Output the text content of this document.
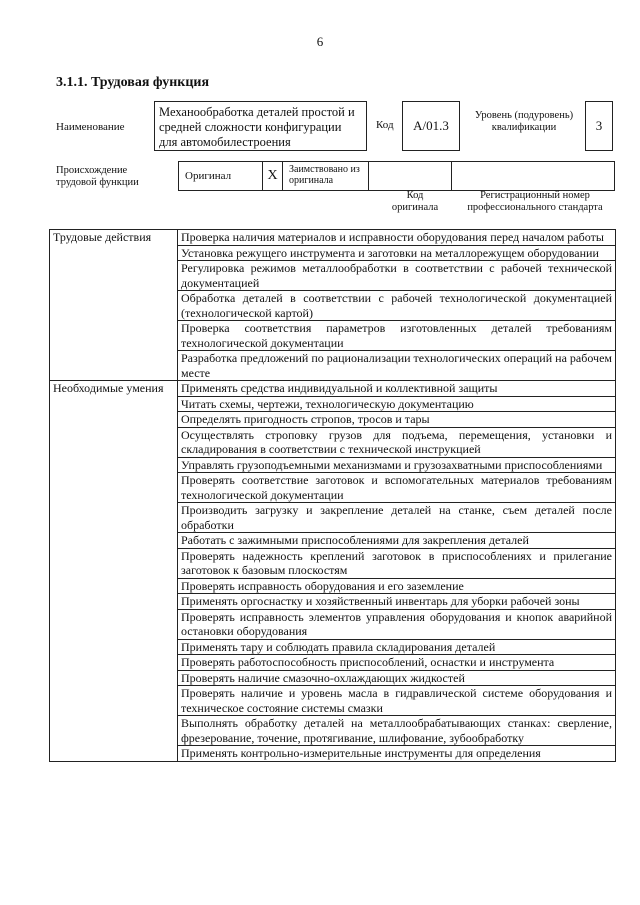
6
3.1.1. Трудовая функция
Наименование
Механообработка деталей простой и средней сложности конфигурации для автомобилестроения
Код	А/01.3
Уровень (подуровень) квалификации	3
Происхождение трудовой функции
Оригинал	X Заимствовано из оригинала
Код оригинала
Регистрационный номер профессионального стандарта
Трудовые действия	Проверка наличия материалов и исправности оборудования перед началом работы
	Установка режущего инструмента и заготовки на металлорежущем оборудовании
	Регулировка режимов металлообработки в соответствии с рабочей технической документацией
	Обработка деталей в соответствии с рабочей технологической документацией (технологической картой)
	Проверка соответствия параметров изготовленных деталей требованиям технологической документации
	Разработка предложений по рационализации технологических операций на рабочем месте
Необходимые умения	Применять средства индивидуальной и коллективной защиты
	Читать схемы, чертежи, технологическую документацию
	Определять пригодность стропов, тросов и тары
	Осуществлять строповку грузов для подъема, перемещения, установки и складирования в соответствии с технической инструкцией
	Управлять грузоподъемными механизмами и грузозахватными приспособлениями
	Проверять соответствие заготовок и вспомогательных материалов требованиям технологической документации
	Производить загрузку и закрепление деталей на станке, съем деталей после обработки
	Работать с зажимными приспособлениями для закрепления деталей
	Проверять надежность креплений заготовок в приспособлениях и прилегание заготовок к базовым плоскостям
	Проверять исправность оборудования и его заземление
	Применять оргоснастку и хозяйственный инвентарь для уборки рабочей зоны
	Проверять исправность элементов управления оборудования и кнопок аварийной остановки оборудования
	Применять тару и соблюдать правила складирования деталей
	Проверять работоспособность приспособлений, оснастки и инструмента
	Проверять наличие смазочно-охлаждающих жидкостей
	Проверять наличие и уровень масла в гидравлической системе оборудования и техническое состояние системы смазки
	Выполнять обработку деталей на металлообрабатывающих станках: сверление, фрезерование, точение, протягивание, шлифование, зубообработку
	Применять контрольно-измерительные инструменты для определения
